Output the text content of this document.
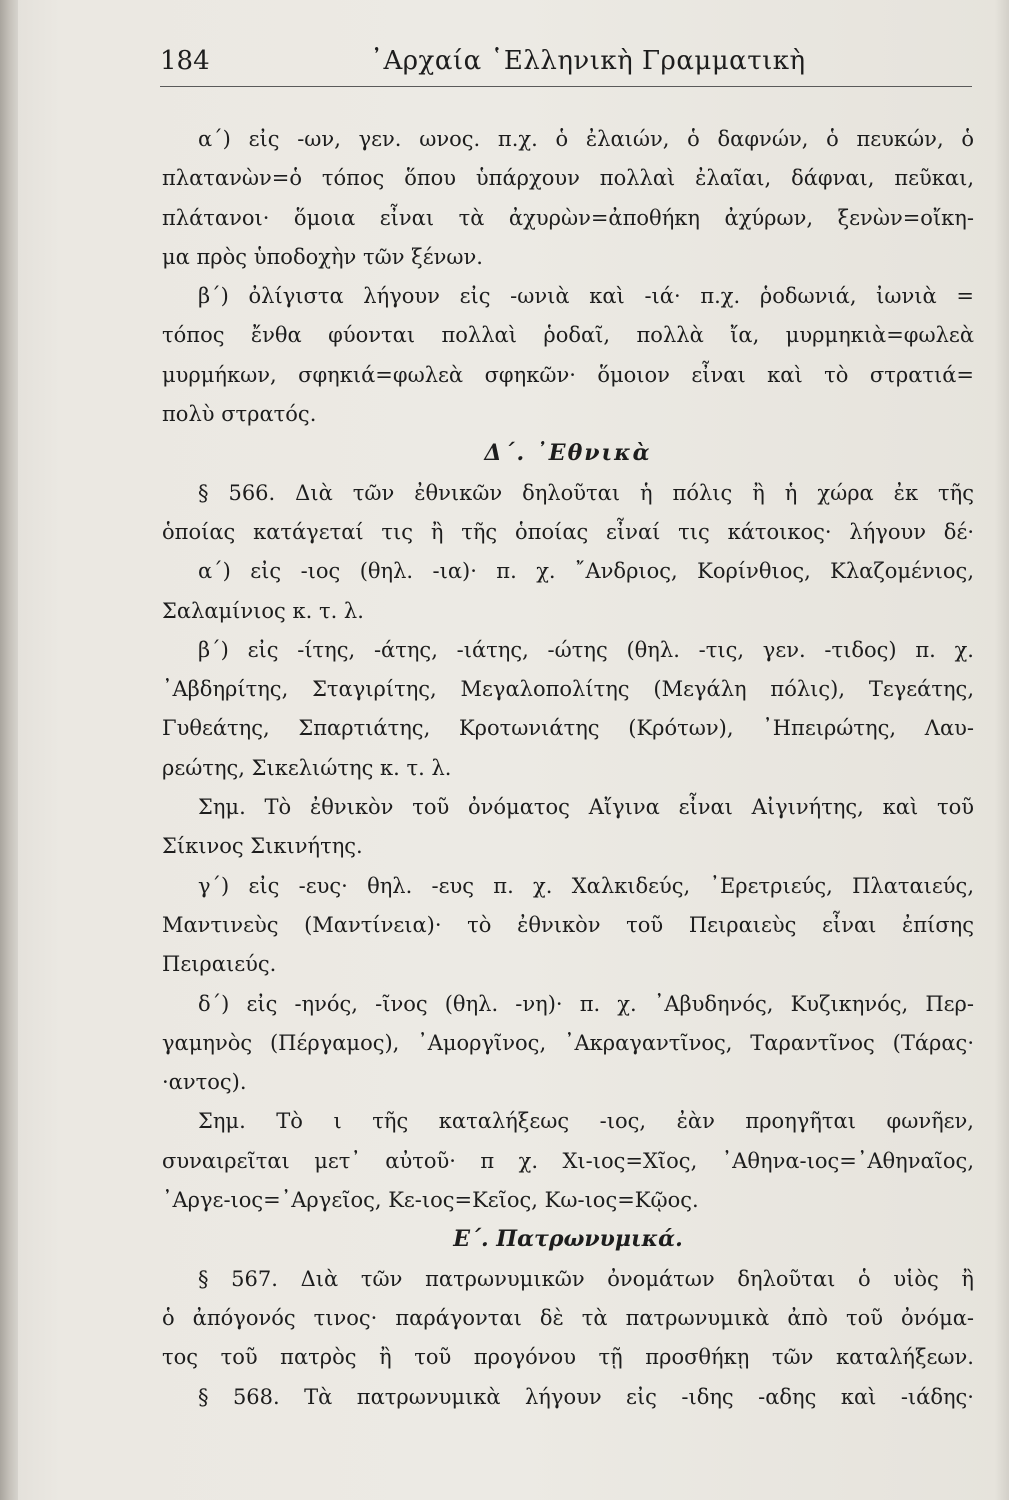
184	᾿Αρχαία ῾Ελληνικὴ Γραμματικὴ
α΄) εἰς -ων, γεν. ωνος. π.χ. ὁ ἐλαιών, ὁ δαφνών, ὁ πευκών, ὁ
πλατανὼν=ὁ τόπος ὅπου ὑπάρχουν πολλαὶ ἐλαῖαι, δάφναι, πεῦκαι,
πλάτανοι· ὅμοια εἶναι τὰ ἀχυρὼν=ἀποθήκη ἀχύρων, ξενὼν=οἴκη-
μα πρὸς ὑποδοχὴν τῶν ξένων.
β΄) ὀλίγιστα λήγουν εἰς -ωνιὰ καὶ -ιά· π.χ. ῥοδωνιά, ἰωνιὰ =
τόπος ἔνθα φύονται πολλαὶ ῥοδαῖ, πολλὰ ἴα, μυρμηκιὰ=φωλεὰ
μυρμήκων, σφηκιά=φωλεὰ σφηκῶν· ὅμοιον εἶναι καὶ τὸ στρατιά=
πολὺ στρατός.
Δ΄. ᾿Εθνικὰ
§ 566. Διὰ τῶν ἐθνικῶν δηλοῦται ἡ πόλις ἢ ἡ χώρα ἐκ τῆς
ὁποίας κατάγεταί τις ἢ τῆς ὁποίας εἶναί τις κάτοικος· λήγουν δέ·
α΄) εἰς -ιος (θηλ. -ια)· π. χ. ῎Ανδριος, Κορίνθιος, Κλαζομένιος,
Σαλαμίνιος κ. τ. λ.
β΄) εἰς -ίτης, -άτης, -ιάτης, -ώτης (θηλ. -τις, γεν. -τιδος) π. χ.
᾿Αβδηρίτης, Σταγιρίτης, Μεγαλοπολίτης (Μεγάλη πόλις), Τεγεάτης,
Γυθεάτης, Σπαρτιάτης, Κροτωνιάτης (Κρότων), ᾿Ηπειρώτης, Λαυ-
ρεώτης, Σικελιώτης κ. τ. λ.
Σημ. Τὸ ἐθνικὸν τοῦ ὀνόματος Αἴγινα εἶναι Αἰγινήτης, καὶ τοῦ
Σίκινος Σικινήτης.
γ΄) εἰς -ευς· θηλ. -ευς π. χ. Χαλκιδεύς, ᾿Ερετριεύς, Πλαταιεύς,
Μαντινεὺς (Μαντίνεια)· τὸ ἐθνικὸν τοῦ Πειραιεὺς εἶναι ἐπίσης
Πειραιεύς.
δ΄) εἰς -ηνός, -ῖνος (θηλ. -νη)· π. χ. ᾿Αβυδηνός, Κυζικηνός, Περ-
γαμηνὸς (Πέργαμος), ᾿Αμοργῖνος, ᾿Ακραγαντῖνος, Ταραντῖνος (Τάρας·
·αντος).
Σημ. Τὸ ι τῆς καταλήξεως -ιος, ἐὰν προηγῆται φωνῆεν,
συναιρεῖται μετ᾿ αὐτοῦ· π χ. Χι-ιος=Χῖος, ᾿Αθηνα-ιος=᾿Αθηναῖος,
᾿Αργε-ιος=᾿Αργεῖος, Κε-ιος=Κεῖος, Κω-ιος=Κῷος.
Ε΄. Πατρωνυμικά.
§ 567. Διὰ τῶν πατρωνυμικῶν ὀνομάτων δηλοῦται ὁ υἱὸς ἢ
ὁ ἀπόγονός τινος· παράγονται δὲ τὰ πατρωνυμικὰ ἀπὸ τοῦ ὀνόμα-
τος τοῦ πατρὸς ἢ τοῦ προγόνου τῇ προσθήκῃ τῶν καταλήξεων.
§ 568. Τὰ πατρωνυμικὰ λήγουν εἰς -ιδης -αδης καὶ -ιάδης·
